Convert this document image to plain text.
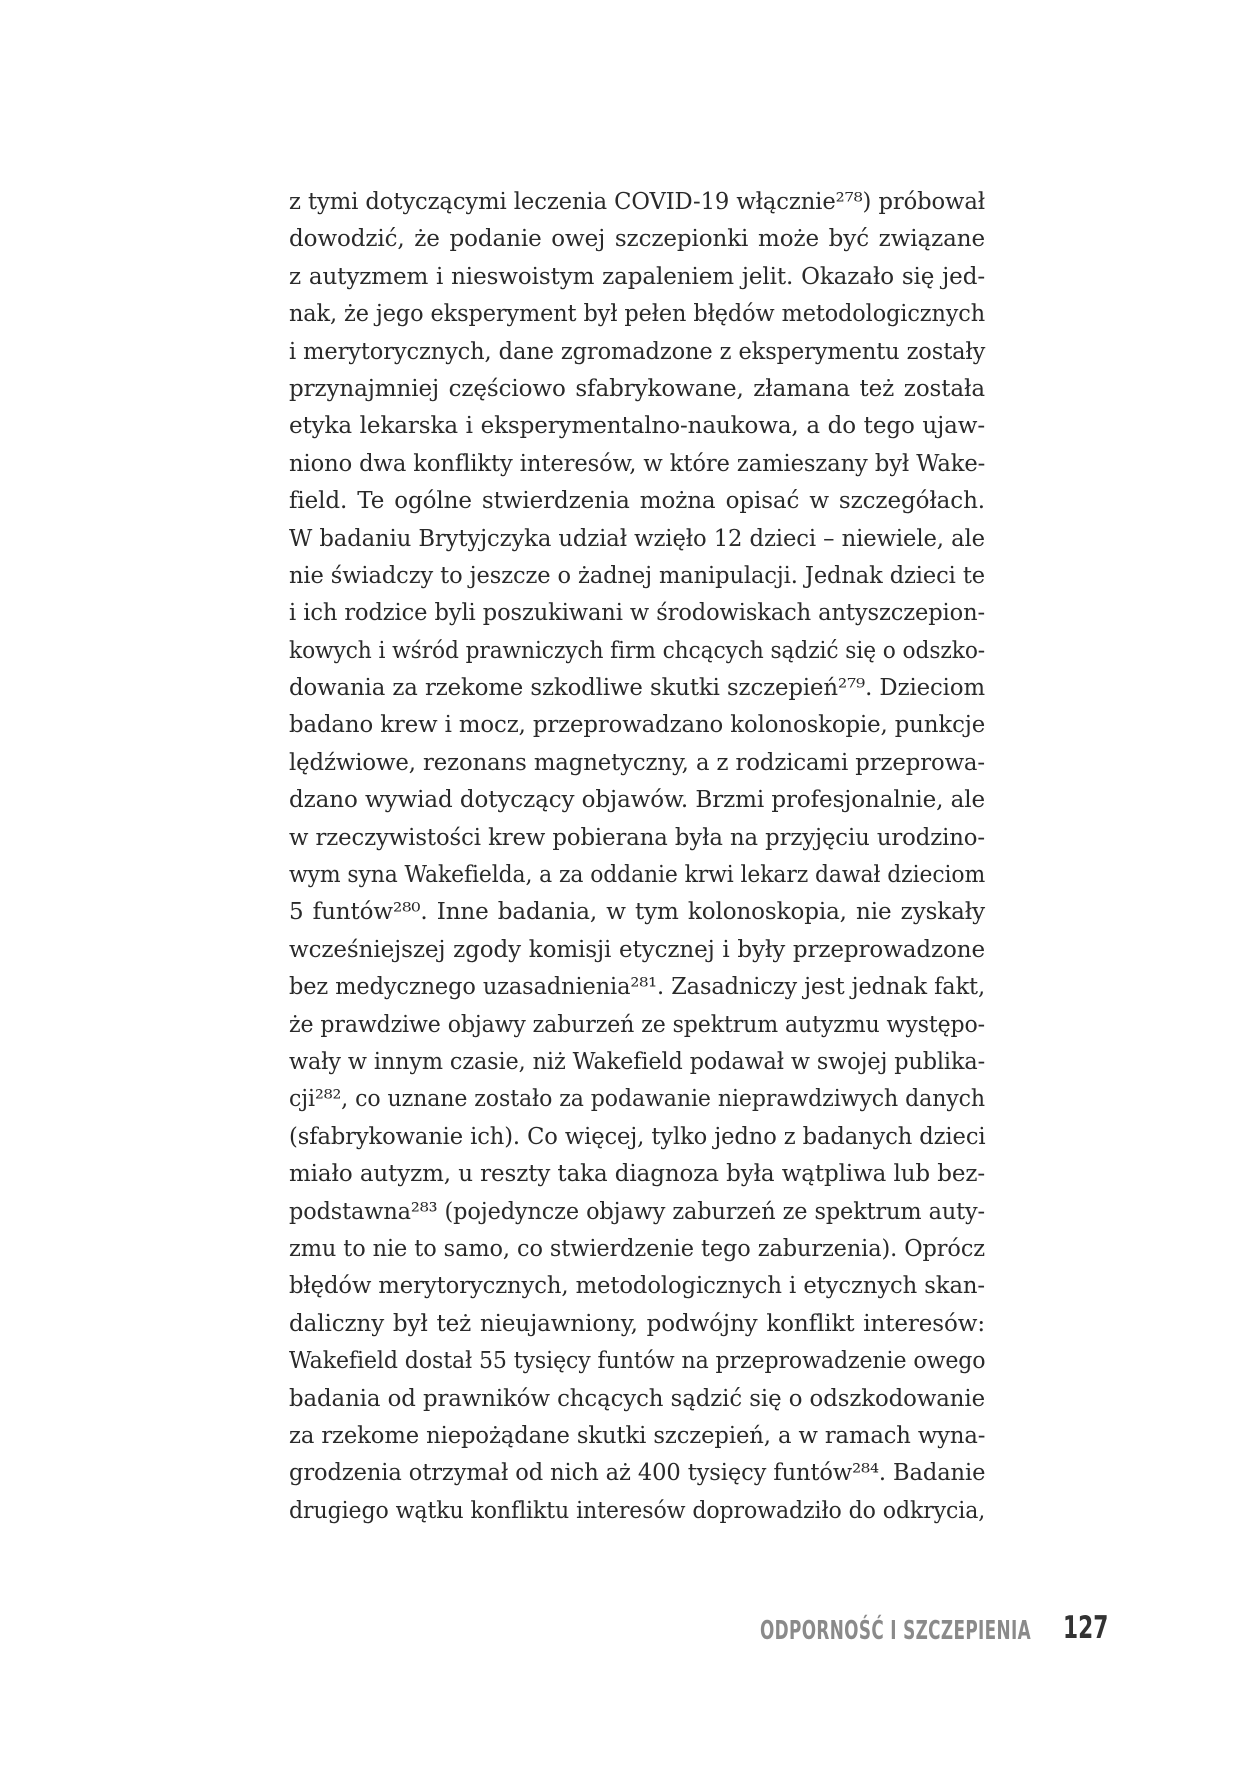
z tymi dotyczącymi leczenia COVID-19 włącznie²⁷⁸) próbował
dowodzić, że podanie owej szczepionki może być związane
z autyzmem i nieswoistym zapaleniem jelit. Okazało się jed-
nak, że jego eksperyment był pełen błędów metodologicznych
i merytorycznych, dane zgromadzone z eksperymentu zostały
przynajmniej częściowo sfabrykowane, złamana też została
etyka lekarska i eksperymentalno-naukowa, a do tego ujaw-
niono dwa konflikty interesów, w które zamieszany był Wake-
field. Te ogólne stwierdzenia można opisać w szczegółach.
W badaniu Brytyjczyka udział wzięło 12 dzieci – niewiele, ale
nie świadczy to jeszcze o żadnej manipulacji. Jednak dzieci te
i ich rodzice byli poszukiwani w środowiskach antyszczepion-
kowych i wśród prawniczych firm chcących sądzić się o odszko-
dowania za rzekome szkodliwe skutki szczepień²⁷⁹. Dzieciom
badano krew i mocz, przeprowadzano kolonoskopie, punkcje
lędźwiowe, rezonans magnetyczny, a z rodzicami przeprowa-
dzano wywiad dotyczący objawów. Brzmi profesjonalnie, ale
w rzeczywistości krew pobierana była na przyjęciu urodzino-
wym syna Wakefielda, a za oddanie krwi lekarz dawał dzieciom
5 funtów²⁸⁰. Inne badania, w tym kolonoskopia, nie zyskały
wcześniejszej zgody komisji etycznej i były przeprowadzone
bez medycznego uzasadnienia²⁸¹. Zasadniczy jest jednak fakt,
że prawdziwe objawy zaburzeń ze spektrum autyzmu występo-
wały w innym czasie, niż Wakefield podawał w swojej publika-
cji²⁸², co uznane zostało za podawanie nieprawdziwych danych
(sfabrykowanie ich). Co więcej, tylko jedno z badanych dzieci
miało autyzm, u reszty taka diagnoza była wątpliwa lub bez-
podstawna²⁸³ (pojedyncze objawy zaburzeń ze spektrum auty-
zmu to nie to samo, co stwierdzenie tego zaburzenia). Oprócz
błędów merytorycznych, metodologicznych i etycznych skan-
daliczny był też nieujawniony, podwójny konflikt interesów:
Wakefield dostał 55 tysięcy funtów na przeprowadzenie owego
badania od prawników chcących sądzić się o odszkodowanie
za rzekome niepożądane skutki szczepień, a w ramach wyna-
grodzenia otrzymał od nich aż 400 tysięcy funtów²⁸⁴. Badanie
drugiego wątku konfliktu interesów doprowadziło do odkrycia,
ODPORNOŚĆ I SZCZEPIENIA 127
